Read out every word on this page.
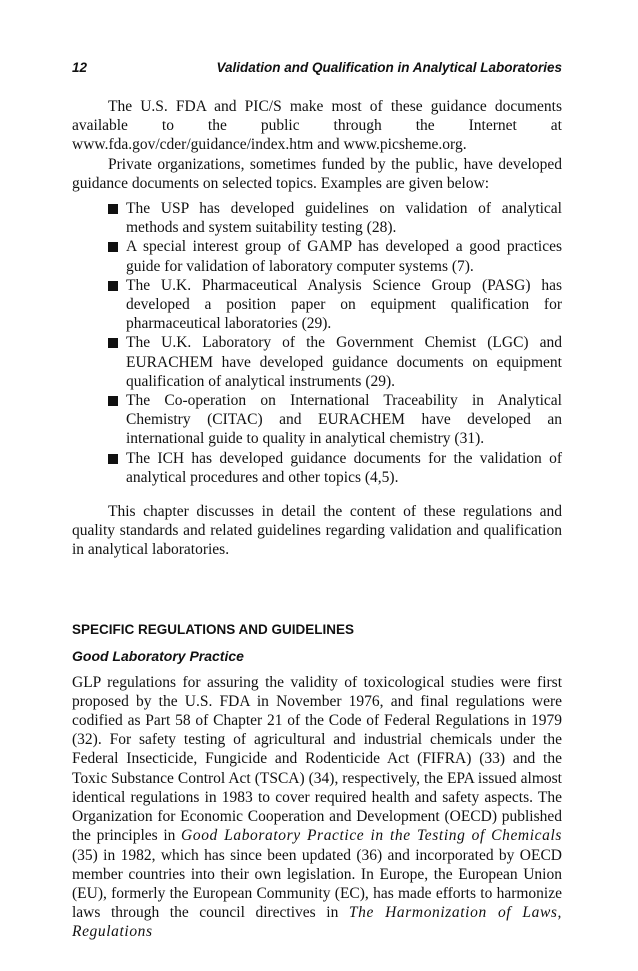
12	Validation and Qualification in Analytical Laboratories

The U.S. FDA and PIC/S make most of these guidance documents available to the public through the Internet at www.fda.gov/cder/guidance/index.htm and www.picsheme.org.

Private organizations, sometimes funded by the public, have developed guidance documents on selected topics. Examples are given below:

The USP has developed guidelines on validation of analytical methods and system suitability testing (28).
A special interest group of GAMP has developed a good practices guide for validation of laboratory computer systems (7).
The U.K. Pharmaceutical Analysis Science Group (PASG) has developed a position paper on equipment qualification for pharmaceutical laboratories (29).
The U.K. Laboratory of the Government Chemist (LGC) and EURACHEM have developed guidance documents on equipment qualification of analytical instruments (29).
The Co-operation on International Traceability in Analytical Chemistry (CITAC) and EURACHEM have developed an international guide to quality in analytical chemistry (31).
The ICH has developed guidance documents for the validation of analytical procedures and other topics (4,5).

This chapter discusses in detail the content of these regulations and quality standards and related guidelines regarding validation and qualification in analytical laboratories.

SPECIFIC REGULATIONS AND GUIDELINES
Good Laboratory Practice

GLP regulations for assuring the validity of toxicological studies were first proposed by the U.S. FDA in November 1976, and final regulations were codified as Part 58 of Chapter 21 of the Code of Federal Regulations in 1979 (32). For safety testing of agricultural and industrial chemicals under the Federal Insecticide, Fungicide and Rodenticide Act (FIFRA) (33) and the Toxic Substance Control Act (TSCA) (34), respectively, the EPA issued almost identical regulations in 1983 to cover required health and safety aspects. The Organization for Economic Cooperation and Development (OECD) published the principles in Good Laboratory Practice in the Testing of Chemicals (35) in 1982, which has since been updated (36) and incorporated by OECD member countries into their own legislation. In Europe, the European Union (EU), formerly the European Community (EC), has made efforts to harmonize laws through the council directives in The Harmonization of Laws, Regulations
